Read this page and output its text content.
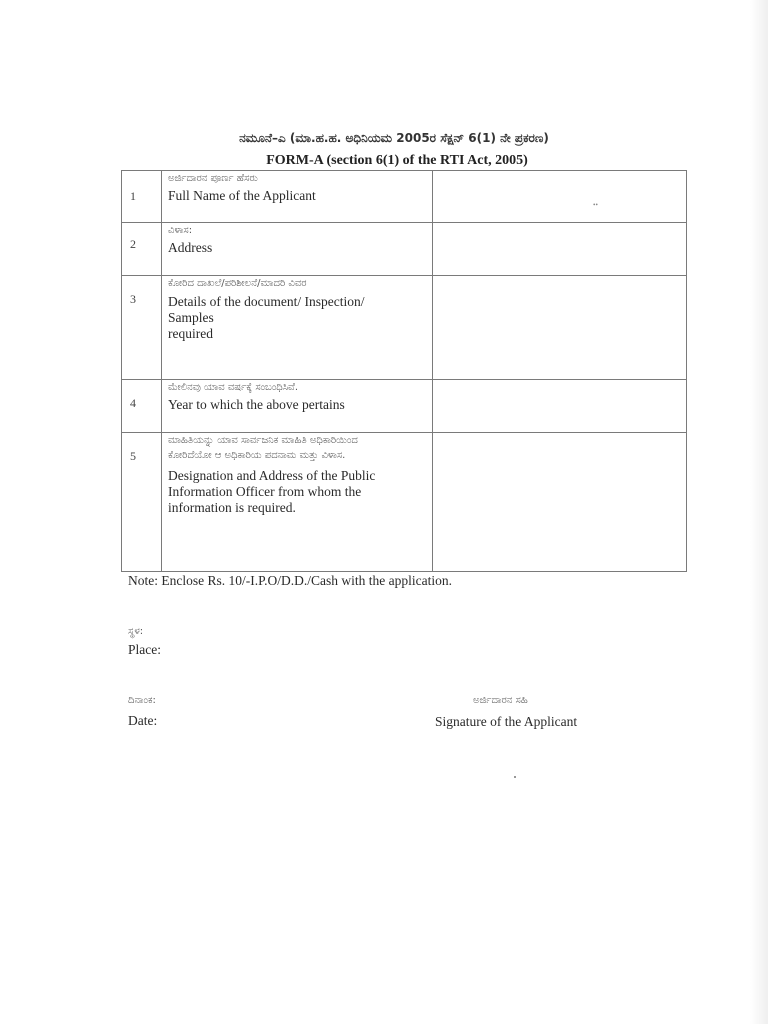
ನಮೂನೆ–ಎ (ಮಾ.ಹ.ಹ. ಅಧಿನಿಯಮ 2005ರ ಸೆಕ್ಷನ್ 6(1) ನೇ ಪ್ರಕರಣ)
FORM-A (section 6(1) of the RTI Act, 2005)
1	ಅರ್ಜಿದಾರನ ಪೂರ್ಣ ಹೆಸರು
Full Name of the Applicant	••

2	ವಿಳಾಸ:
Address	

3	ಕೋರಿದ ದಾಖಲೆ/ಪರಿಶೀಲನೆ/ಮಾದರಿ ವಿವರ
Details of the document/ Inspection/
Samples
required	

4	ಮೇಲಿನವು ಯಾವ ವರ್ಷಕ್ಕೆ ಸಂಬಂಧಿಸಿವೆ.
Year to which the above pertains	

5	ಮಾಹಿತಿಯನ್ನು ಯಾವ ಸಾರ್ವಜನಿಕ ಮಾಹಿತಿ ಅಧಿಕಾರಿಯಿಂದ
ಕೋರಿದೆಯೋ ಆ ಅಧಿಕಾರಿಯ ಪದನಾಮ ಮತ್ತು ವಿಳಾಸ.
Designation and Address of the Public
Information Officer from whom the
information is required.	

Note: Enclose Rs. 10/-I.P.O/D.D./Cash with the application.
ಸ್ಥಳ:
Place:
ದಿನಾಂಕ:
Date:
ಅರ್ಜಿದಾರನ ಸಹಿ
Signature of the Applicant
